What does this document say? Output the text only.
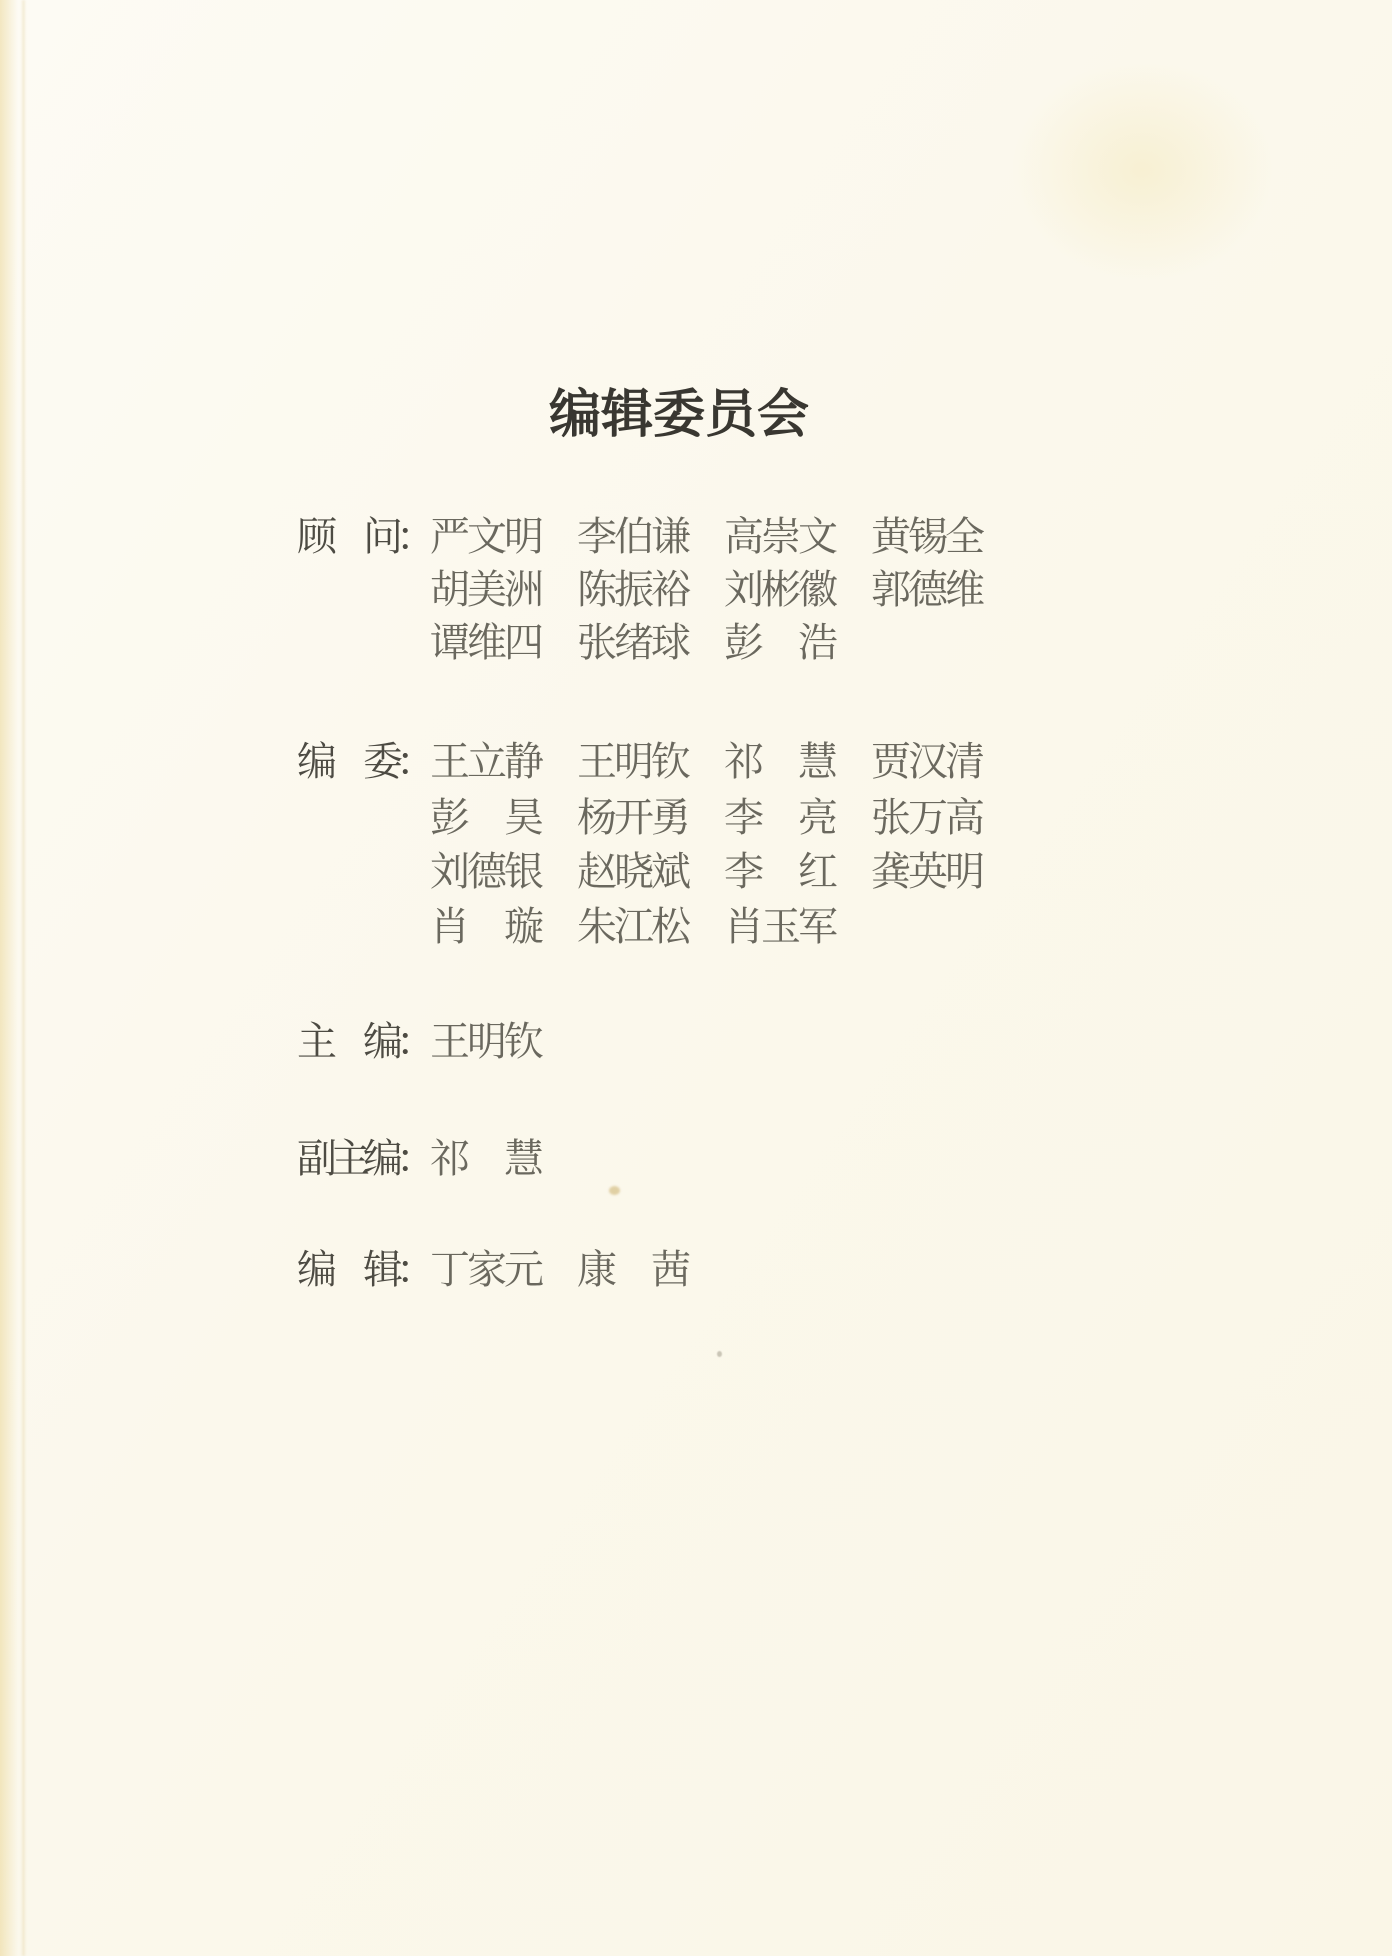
编辑委员会
顾　问： 严文明 李伯谦 高崇文 黄锡全
胡美洲 陈振裕 刘彬徽 郭德维
谭维四 张绪球 彭　浩
编　委： 王立静 王明钦 祁　慧 贾汉清
彭　昊 杨开勇 李　亮 张万高
刘德银 赵晓斌 李　红 龚英明
肖　璇 朱江松 肖玉军
主　编： 王明钦
副主编： 祁　慧
编　辑： 丁家元 康　茜
